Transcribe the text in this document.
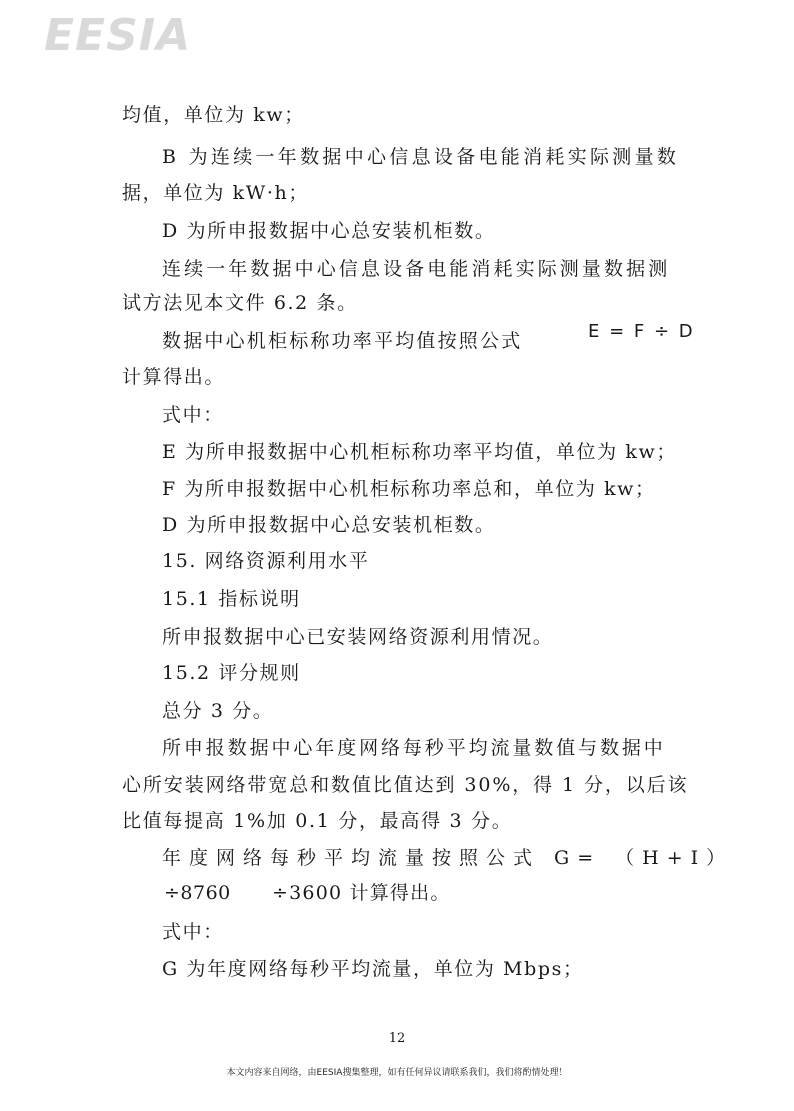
EESIA
均值，单位为 kw；
B 为连续一年数据中心信息设备电能消耗实际测量数
据，单位为 kW·h；
D 为所申报数据中心总安装机柜数。
连续一年数据中心信息设备电能消耗实际测量数据测
试方法见本文件 6.2 条。
数据中心机柜标称功率平均值按照公式	E = F ÷ D
计算得出。
式中：
E 为所申报数据中心机柜标称功率平均值，单位为 kw；
F 为所申报数据中心机柜标称功率总和，单位为 kw；
D 为所申报数据中心总安装机柜数。
15. 网络资源利用水平
15.1 指标说明
所申报数据中心已安装网络资源利用情况。
15.2 评分规则
总分 3 分。
所申报数据中心年度网络每秒平均流量数值与数据中
心所安装网络带宽总和数值比值达到 30%，得 1 分，以后该
比值每提高 1%加 0.1 分，最高得 3 分。
年度网络每秒平均流量按照公式 G= （H+I）
÷8760 ÷3600 计算得出。
式中：
G 为年度网络每秒平均流量，单位为 Mbps；
12
本文内容来自网络，由EESIA搜集整理，如有任何异议请联系我们，我们将酌情处理！
